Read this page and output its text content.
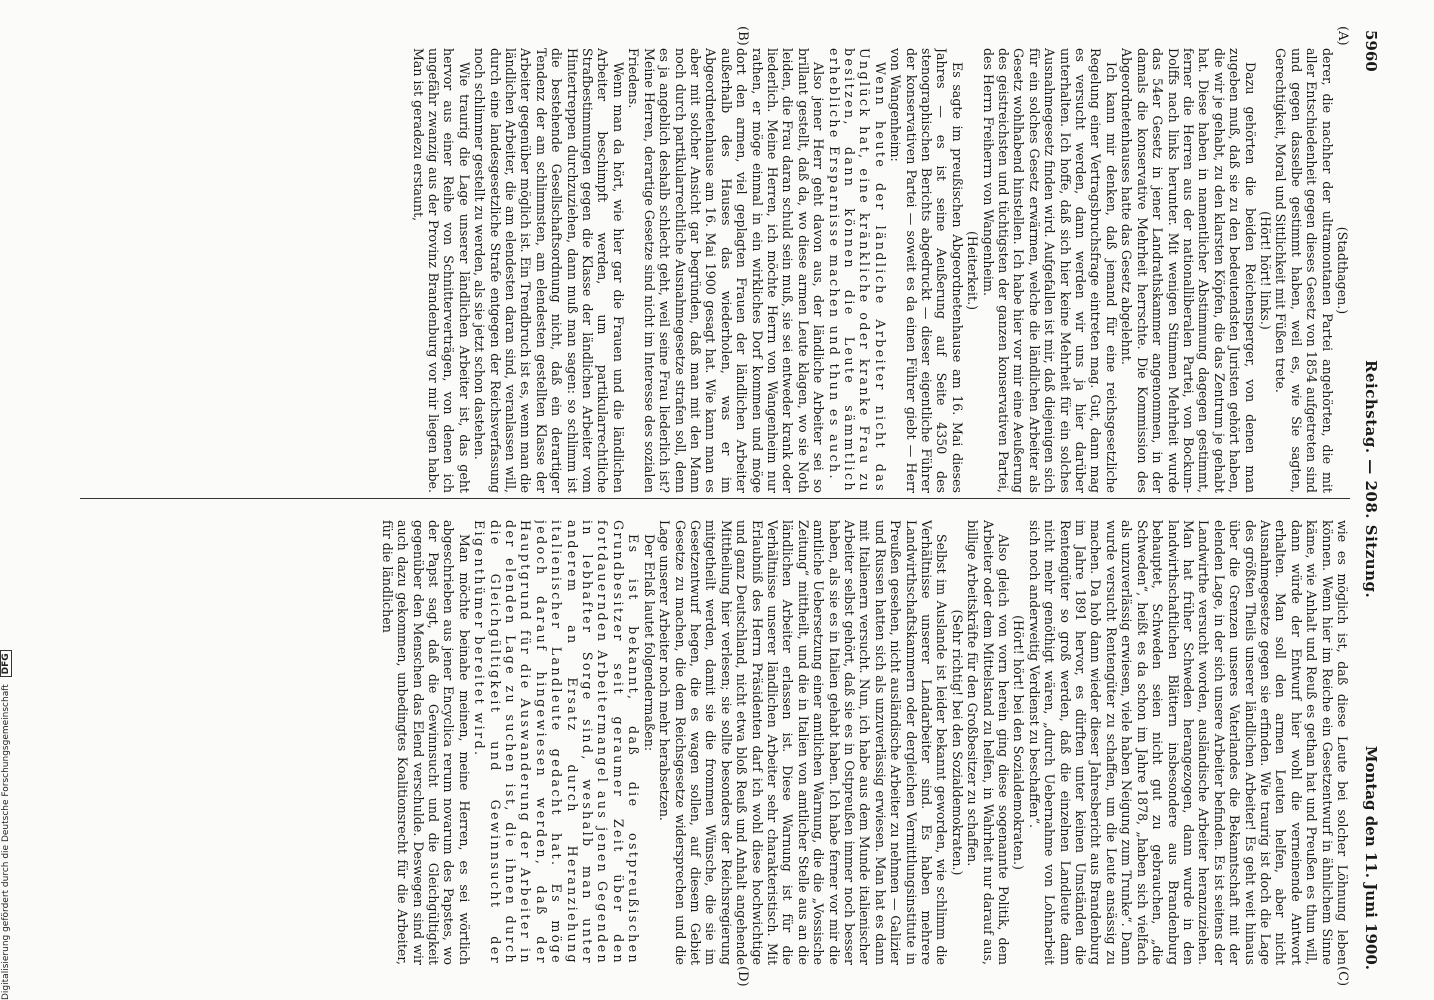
5960
Reichstag. — 208. Sitzung.
Montag den 11. Juni 1900.
(A)
(B)
(C)
(D)

(Stadthagen.)

derer, die nachher der ultramontanen Partei angehörten, die mit aller Entschiedenheit gegen dieses Gesetz von 1854 aufgetreten sind und gegen dasselbe gestimmt haben, weil es, wie Sie sagten, Gerechtigkeit, Moral und Sittlichkeit mit Füßen trete.

(Hört! hört! links.)

Dazu gehörten die beiden Reichensperger, von denen man zugeben muß, daß sie zu den bedeutendsten Juristen gehört haben, die wir je gehabt, zu den klarsten Köpfen, die das Zentrum je gehabt hat. Diese haben in namentlicher Abstimmung dagegen gestimmt, ferner die Herren aus der nationalliberalen Partei, von Bockum-Dolffs nach links herunter. Mit wenigen Stimmen Mehrheit wurde das 54er Gesetz in jener Landrathskammer angenommen, in der damals die konservative Mehrheit herrschte. Die Kommission des Abgeordnetenhauses hatte das Gesetz abgelehnt.

Ich kann mir denken, daß jemand für eine reichsgesetzliche Regelung einer Vertragsbruchsfrage eintreten mag. Gut, dann mag es versucht werden, dann werden wir uns ja hier darüber unterhalten. Ich hoffe, daß sich hier keine Mehrheit für ein solches Ausnahmegesetz finden wird. Aufgefallen ist mir, daß diejenigen sich für ein solches Gesetz erwärmen, welche die ländlichen Arbeiter als Gesetz wohlhabend hinstellen. Ich habe hier vor mir eine Aeußerung des geistreichsten und tüchtigsten der ganzen konservativen Partei, des Herrn Freiherrn von Wangenheim.

(Heiterkeit.)

Es sagte im preußischen Abgeordnetenhause am 16. Mai dieses Jahres — es ist seine Aeußerung auf Seite 4350 des stenographischen Berichts abgedruckt — dieser eigentliche Führer der konservativen Partei — soweit es da einen Führer giebt — Herr von Wangenheim:

Wenn heute der ländliche Arbeiter nicht das Unglück hat, eine kränkliche oder kranke Frau zu besitzen, dann können die Leute sämmtlich erhebliche Ersparnisse machen und thun es auch.

Also jener Herr geht davon aus, der ländliche Arbeiter sei so brillant gestellt, daß da, wo diese armen Leute klagen, wo sie Noth leiden, die Frau daran schuld sein muß, sie sei entweder krank oder liederlich. Meine Herren, ich möchte Herrn von Wangenheim nur rathen, er möge einmal in ein wirkliches Dorf kommen und möge dort den armen, viel geplagten Frauen der ländlichen Arbeiter außerhalb des Hauses das wiederholen, was er im Abgeordnetenhause am 16. Mai 1900 gesagt hat. Wie kann man es aber mit solcher Ansicht gar begründen, daß man mit den Mann noch durch partikularrechtliche Ausnahmegesetze strafen soll, denn es ja angeblich deshalb schlecht geht, weil seine Frau liederlich ist? Meine Herren, derartige Gesetze sind nicht im Interesse des sozialen Friedens.

Wenn man da hört, wie hier gar die Frauen und die ländlichen Arbeiter beschimpft werden, um partikularrechtliche Strafbestimmungen gegen die Klasse der ländlichen Arbeiter vom Hintertreppen durchzuziehen, dann muß man sagen: so schlimm ist die bestehende Gesellschaftsordnung nicht, daß ein derartiger Tendenz der am schlimmsten, am elendesten gestellten Klasse der Arbeiter gegenüber möglich ist. Ein Trendbruch ist es, wenn man die ländlichen Arbeiter, die am elendesten daran sind, veranlassen will, durch eine landesgesetzliche Strafe entgegen der Reichsverfassung noch schlimmer gestellt zu werden, als sie jetzt schon dastehen.

Wie traurig die Lage unserer ländlichen Arbeiter ist, das geht hervor aus einer Reihe von Schnitterverträgen, von denen ich ungefähr zwanzig aus der Provinz Brandenburg vor mir liegen habe. Man ist geradezu erstaunt,

wie es möglich ist, daß diese Leute bei solcher Löhnung leben können. Wenn hier im Reiche ein Gesetzentwurf in ähnlichem Sinne käme, wie Anhalt und Reuß es gethan hat und Preußen es thun will, dann würde der Entwurf hier wohl die verneinende Antwort erhalten. Man soll den armen Leuten helfen, aber nicht Ausnahmegesetze gegen sie erfinden. Wie traurig ist doch die Lage des größten Theils unserer ländlichen Arbeiter! Es geht weit hinaus über die Grenzen unseres Vaterlandes die Bekanntschaft mit der elenden Lage, in der sich unsere Arbeiter befinden. Es ist seitens der Landwirthe versucht worden, ausländische Arbeiter heranzuziehen. Man hat früher Schweden herangezogen, dann wurde in den landwirthschaftlichen Blättern insbesondere aus Brandenburg behauptet, Schweden seien nicht gut zu gebrauchen, „die Schweden“, heißt es da schon im Jahre 1878, „haben sich vielfach als unzuverlässig erwiesen, viele haben Neigung zum Trunke“. Dann wurde versucht Rentengüter zu schaffen, um die Leute ansässig zu machen. Da hob dann wieder dieser Jahresbericht aus Brandenburg im Jahre 1891 hervor, es dürften unter keinen Umständen die Rentengüter so groß werden, daß die einzelnen Landleute dann nicht mehr genöthigt wären, „durch Uebernahme von Lohnarbeit sich noch anderweitig Verdienst zu beschaffen“.

(Hört! hört! bei den Sozialdemokraten.)

Also gleich von vorn herein ging diese sogenannte Politik, dem Arbeiter oder dem Mittelstand zu helfen, in Wahrheit nur darauf aus, billige Arbeitskräfte für den Großbesitzer zu schaffen.

(Sehr richtig! bei den Sozialdemokraten.)

Selbst im Auslande ist leider bekannt geworden, wie schlimm die Verhältnisse unserer Landarbeiter sind. Es haben mehrere Landwirthschaftskammern oder dergleichen Vermittlungsinstitute in Preußen gesehen, nicht ausländische Arbeiter zu nehmen — Galizier und Russen hatten sich als unzuverlässig erwiesen. Man hat es dann mit Italienern versucht. Nun, ich habe aus dem Munde italienischer Arbeiter selbst gehört, daß sie es in Ostpreußen immer noch besser haben, als sie es in Italien gehabt haben. Ich habe ferner vor mir die amtliche Uebersetzung einer amtlichen Warnung, die die „Vossische Zeitung“ mittheilt, und die in Italien von amtlicher Stelle aus an die ländlichen Arbeiter erlassen ist. Diese Warnung ist für die Verhältnisse unserer ländlichen Arbeiter sehr charakteristisch. Mit Erlaubniß des Herrn Präsidenten darf ich wohl diese hochwichtige und ganz Deutschland, nicht etwa bloß Reuß und Anhalt angehende Mittheilung hier verlesen; sie sollte besonders der Reichsregierung mitgetheilt werden, damit sie die frommen Wünsche, die sie im Gesetzentwurf hegen, die es wagen sollen, auf diesem Gebiet Gesetze zu machen, die dem Reichsgesetze widersprechen und die Lage unserer Arbeiter noch mehr herabsetzen.

Der Erlaß lautet folgendermaßen:

Es ist bekannt, daß die ostpreußischen Grundbesitzer seit geraumer Zeit über den fortdauernden Arbeitermangel aus jenen Gegenden in lebhafter Sorge sind, weshalb man unter anderem an Ersatz durch Heranziehung italienischer Landleute gedacht hat. Es möge jedoch darauf hingewiesen werden, daß der Hauptgrund für die Auswanderung der Arbeiter in der elenden Lage zu suchen ist, die ihnen durch die Gleichgültigkeit und Gewinnsucht der Eigenthümer bereitet wird.

Man möchte beinahe meinen, meine Herren, es sei wörtlich abgeschrieben aus jener Encyclica rerum novarum des Papstes, wo der Papst sagt, daß die Gewinnsucht und die Gleichgültigkeit gegenüber den Menschen das Elend verschulde. Deswegen sind wir auch dazu gekommen, unbedingtes Koalitionsrecht für die Arbeiter, für die ländlichen

Digitalisierung gefördert durch die Deutsche Forschungsgemeinschaft DFG
